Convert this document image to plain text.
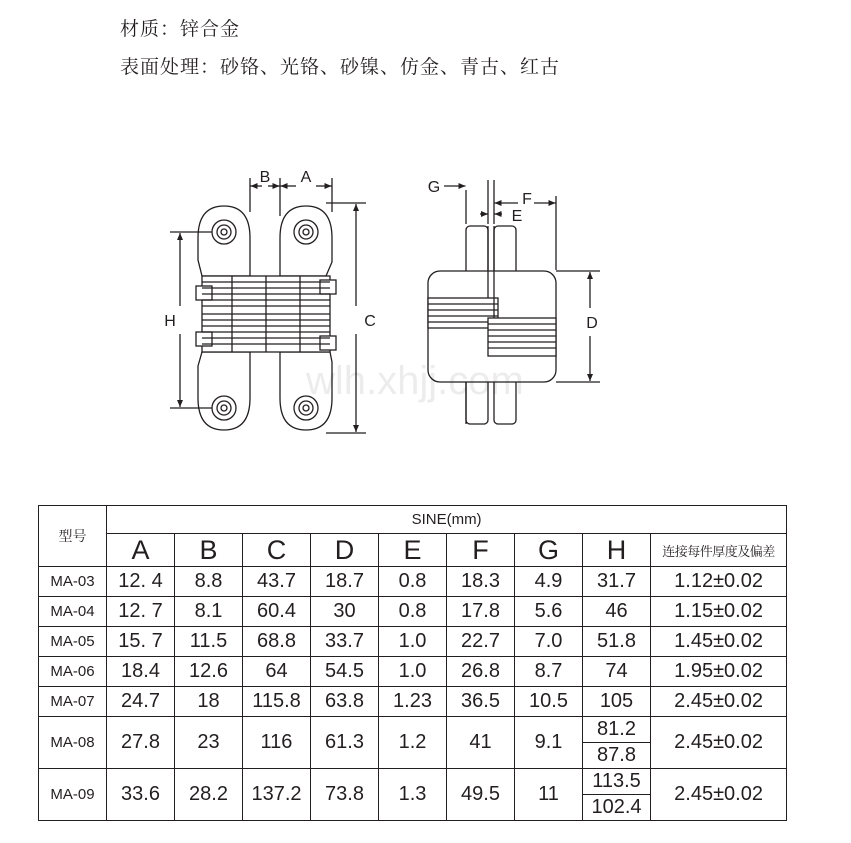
材质：锌合金
表面处理：砂铬、光铬、砂镍、仿金、青古、红古
B A
H	C
G
F
E
D
wlh.xhjj.com
型号	SINE(mm)								
	A	B	C	D	E	F	G	H	连接每件厚度及偏差
MA-03	12. 4	8.8	43.7	18.7	0.8	18.3	4.9	31.7	1.12±0.02
MA-04	12. 7	8.1	60.4	30	0.8	17.8	5.6	46	1.15±0.02
MA-05	15. 7	11.5	68.8	33.7	1.0	22.7	7.0	51.8	1.45±0.02
MA-06	18.4	12.6	64	54.5	1.0	26.8	8.7	74	1.95±0.02
MA-07	24.7	18	115.8	63.8	1.23	36.5	10.5	105	2.45±0.02
MA-08	27.8	23	116	61.3	1.2	41	9.1	81.2	2.45±0.02
								87.8	
MA-09	33.6	28.2	137.2	73.8	1.3	49.5	11	113.5	2.45±0.02
								102.4	
